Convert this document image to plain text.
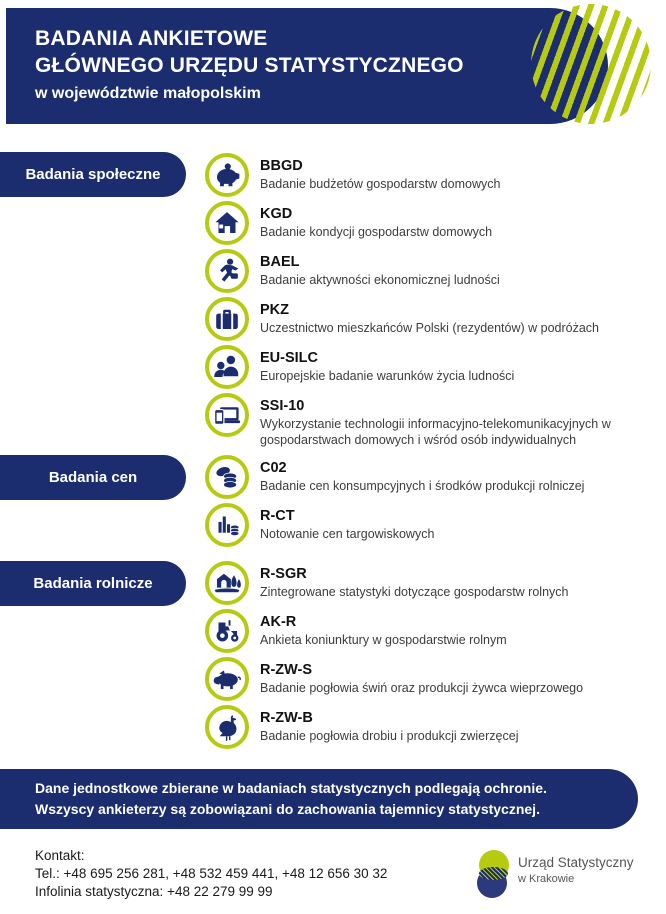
BADANIA ANKIETOWE
GŁÓWNEGO URZĘDU STATYSTYCZNEGO
w województwie małopolskim
Badania społeczne
Badania cen
Badania rolnicze
BBGD
Badanie budżetów gospodarstw domowych
KGD
Badanie kondycji gospodarstw domowych
BAEL
Badanie aktywności ekonomicznej ludności
PKZ
Uczestnictwo mieszkańców Polski (rezydentów) w podróżach
EU-SILC
Europejskie badanie warunków życia ludności
SSI-10
Wykorzystanie technologii informacyjno-telekomunikacyjnych w gospodarstwach domowych i wśród osób indywidualnych
C02
Badanie cen konsumpcyjnych i środków produkcji rolniczej
R-CT
Notowanie cen targowiskowych
R-SGR
Zintegrowane statystyki dotyczące gospodarstw rolnych
AK-R
Ankieta koniunktury w gospodarstwie rolnym
R-ZW-S
Badanie pogłowia świń oraz produkcji żywca wieprzowego
R-ZW-B
Badanie pogłowia drobiu i produkcji zwierzęcej
Dane jednostkowe zbierane w badaniach statystycznych podlegają ochronie.
Wszyscy ankieterzy są zobowiązani do zachowania tajemnicy statystycznej.
Kontakt:
Tel.: +48 695 256 281, +48 532 459 441, +48 12 656 30 32
Infolinia statystyczna: +48 22 279 99 99
Urząd Statystyczny
w Krakowie
